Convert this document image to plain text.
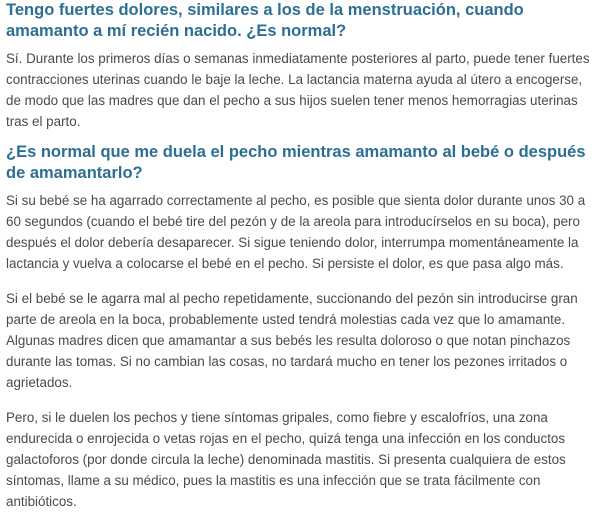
Tengo fuertes dolores, similares a los de la menstruación, cuando amamanto a mí recién nacido. ¿Es normal?

Sí. Durante los primeros días o semanas inmediatamente posteriores al parto, puede tener fuertes contracciones uterinas cuando le baje la leche. La lactancia materna ayuda al útero a encogerse, de modo que las madres que dan el pecho a sus hijos suelen tener menos hemorragias uterinas tras el parto.

¿Es normal que me duela el pecho mientras amamanto al bebé o después de amamantarlo?

Si su bebé se ha agarrado correctamente al pecho, es posible que sienta dolor durante unos 30 a 60 segundos (cuando el bebé tire del pezón y de la areola para introducírselos en su boca), pero después el dolor debería desaparecer. Si sigue teniendo dolor, interrumpa momentáneamente la lactancia y vuelva a colocarse el bebé en el pecho. Si persiste el dolor, es que pasa algo más.

Si el bebé se le agarra mal al pecho repetidamente, succionando del pezón sin introducirse gran parte de areola en la boca, probablemente usted tendrá molestias cada vez que lo amamante. Algunas madres dicen que amamantar a sus bebés les resulta doloroso o que notan pinchazos durante las tomas. Si no cambian las cosas, no tardará mucho en tener los pezones irritados o agrietados.

Pero, si le duelen los pechos y tiene síntomas gripales, como fiebre y escalofríos, una zona endurecida o enrojecida o vetas rojas en el pecho, quizá tenga una infección en los conductos galactoforos (por donde circula la leche) denominada mastitis. Si presenta cualquiera de estos síntomas, llame a su médico, pues la mastitis es una infección que se trata fácilmente con antibióticos.
